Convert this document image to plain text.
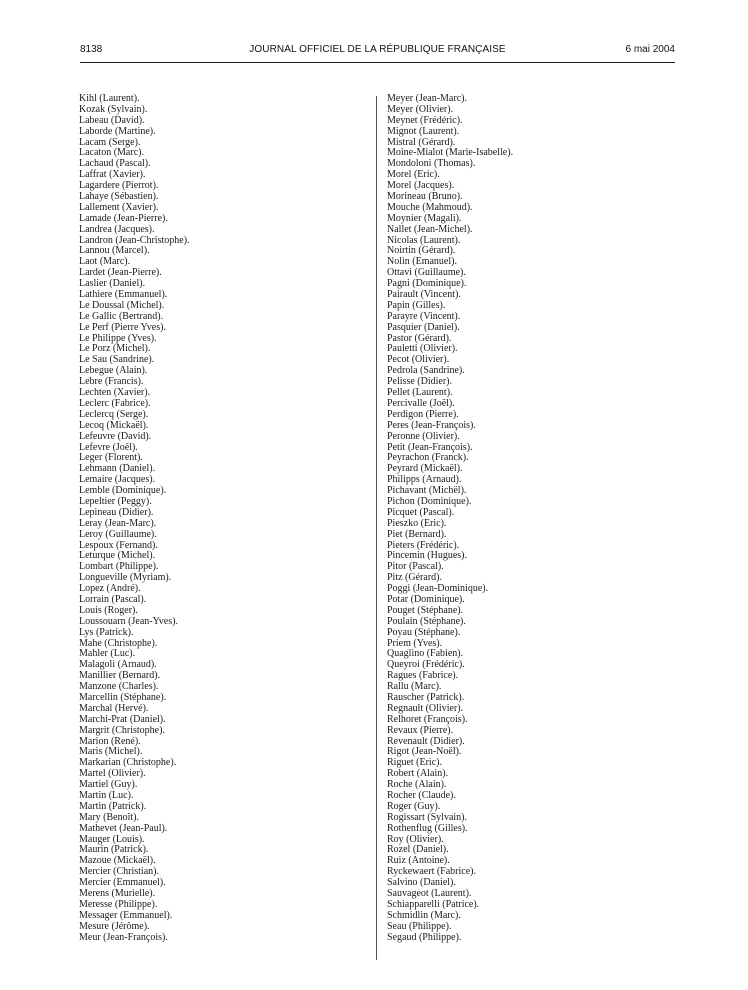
8138	JOURNAL OFFICIEL DE LA RÉPUBLIQUE FRANÇAISE	6 mai 2004
Kihl (Laurent).
Kozak (Sylvain).
Labeau (David).
Laborde (Martine).
Lacam (Serge).
Lacaton (Marc).
Lachaud (Pascal).
Laffrat (Xavier).
Lagardere (Pierrot).
Lahaye (Sébastien).
Lallement (Xavier).
Lamade (Jean-Pierre).
Landrea (Jacques).
Landron (Jean-Christophe).
Lannou (Marcel).
Laot (Marc).
Lardet (Jean-Pierre).
Laslier (Daniel).
Lathiere (Emmanuel).
Le Doussal (Michel).
Le Gallic (Bertrand).
Le Perf (Pierre Yves).
Le Philippe (Yves).
Le Porz (Michel).
Le Sau (Sandrine).
Lebegue (Alain).
Lebre (Francis).
Lechten (Xavier).
Leclerc (Fabrice).
Leclercq (Serge).
Lecoq (Mickaël).
Lefeuvre (David).
Lefevre (Joël).
Leger (Florent).
Lehmann (Daniel).
Lemaire (Jacques).
Lemble (Dominique).
Lepeltier (Peggy).
Lepineau (Didier).
Leray (Jean-Marc).
Leroy (Guillaume).
Lespoux (Fernand).
Leturque (Michel).
Lombart (Philippe).
Longueville (Myriam).
Lopez (André).
Lorrain (Pascal).
Louis (Roger).
Loussouarn (Jean-Yves).
Lys (Patrick).
Mahe (Christophe).
Mahler (Luc).
Malagoli (Arnaud).
Manillier (Bernard).
Manzone (Charles).
Marcellin (Stéphane).
Marchal (Hervé).
Marchi-Prat (Daniel).
Margrit (Christophe).
Marion (René).
Maris (Michel).
Markarian (Christophe).
Martel (Olivier).
Martiel (Guy).
Martin (Luc).
Martin (Patrick).
Mary (Benoît).
Mathevet (Jean-Paul).
Mauger (Louis).
Maurin (Patrick).
Mazoue (Mickaël).
Mercier (Christian).
Mercier (Emmanuel).
Merens (Murielle).
Meresse (Philippe).
Messager (Emmanuel).
Mesure (Jérôme).
Meur (Jean-François).
Meyer (Jean-Marc).
Meyer (Olivier).
Meynet (Frédéric).
Mignot (Laurent).
Mistral (Gérard).
Moine-Mialot (Marie-Isabelle).
Mondoloni (Thomas).
Morel (Eric).
Morel (Jacques).
Morineau (Bruno).
Mouche (Mahmoud).
Moynier (Magali).
Nallet (Jean-Michel).
Nicolas (Laurent).
Noirtin (Gérard).
Nolin (Emanuel).
Ottavi (Guillaume).
Pagni (Dominique).
Pairault (Vincent).
Papin (Gilles).
Parayre (Vincent).
Pasquier (Daniel).
Pastor (Gérard).
Pauletti (Olivier).
Pecot (Olivier).
Pedrola (Sandrine).
Pelisse (Didier).
Pellet (Laurent).
Percivalle (Joël).
Perdigon (Pierre).
Peres (Jean-François).
Peronne (Olivier).
Petit (Jean-François).
Peyrachon (Franck).
Peyrard (Mickaël).
Philipps (Arnaud).
Pichavant (Michël).
Pichon (Dominique).
Picquet (Pascal).
Pieszko (Eric).
Piet (Bernard).
Pieters (Frédéric).
Pincemin (Hugues).
Pitor (Pascal).
Pitz (Gérard).
Poggi (Jean-Dominique).
Potar (Dominique).
Pouget (Stéphane).
Poulain (Stéphane).
Poyau (Stéphane).
Priem (Yves).
Quaglino (Fabien).
Queyroi (Frédéric).
Ragues (Fabrice).
Rallu (Marc).
Rauscher (Patrick).
Regnault (Olivier).
Relhoret (François).
Revaux (Pierre).
Revenault (Didier).
Rigot (Jean-Noël).
Riguet (Eric).
Robert (Alain).
Roche (Alain).
Rocher (Claude).
Roger (Guy).
Rogissart (Sylvain).
Rothenflug (Gilles).
Roy (Olivier).
Rozel (Daniel).
Ruiz (Antoine).
Ryckewaert (Fabrice).
Salvino (Daniel).
Sauvageot (Laurent).
Schiapparelli (Patrice).
Schmidlin (Marc).
Seau (Philippe).
Segaud (Philippe).
